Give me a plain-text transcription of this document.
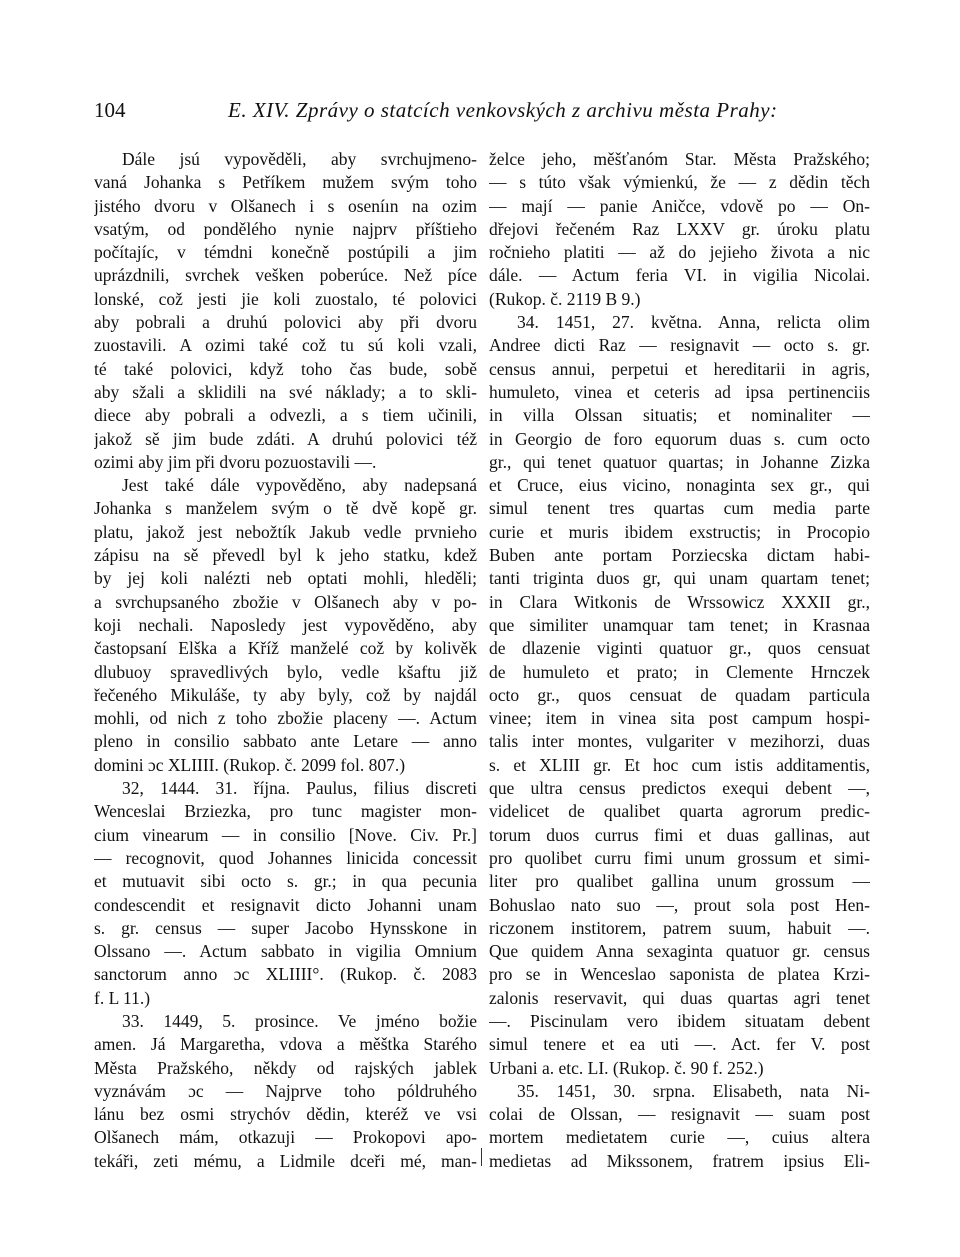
104	E. XIV. Zprávy o statcích venkovských z archivu města Prahy:
Dále jsú vypověděli, aby svrchujmeno-
vaná Johanka s Petříkem mužem svým toho
jistého dvoru v Olšanech i s oseníın na ozim
vsatým, od pondělého nynie najprv příštieho
počítajíc, v témdni konečně postúpili a jim
uprázdnili, svrchek vešken poberúce. Než píce
lonské, což jesti jie koli zuostalo, té polovici
aby pobrali a druhú polovici aby při dvoru
zuostavili. A ozimi také což tu sú koli vzali,
té také polovici, když toho čas bude, sobě
aby sžali a sklidili na své náklady; a to skli-
diece aby pobrali a odvezli, a s tiem učinili,
jakož sě jim bude zdáti. A druhú polovici též
ozimi aby jim při dvoru pozuostavili —.
Jest také dále vypověděno, aby nadepsaná
Johanka s manželem svým o tě dvě kopě gr.
platu, jakož jest nebožtík Jakub vedle prvnieho
zápisu na sě převedl byl k jeho statku, kdež
by jej koli nalézti neb optati mohli, hleděli;
a svrchupsaného zbožie v Olšanech aby v po-
koji nechali. Naposledy jest vypověděno, aby
častopsaní Elška a Kříž manželé což by kolivěk
dlubuoy spravedlivých bylo, vedle kšaftu již
řečeného Mikuláše, ty aby byly, což by najdál
mohli, od nich z toho zbožie placeny —. Actum
pleno in consilio sabbato ante Letare — anno
domini ɔc XLIIII. (Rukop. č. 2099 fol. 807.)
32, 1444. 31. října. Paulus, filius discreti
Wenceslai Brziezka, pro tunc magister mon-
cium vinearum — in consilio [Nove. Civ. Pr.]
— recognovit, quod Johannes linicida concessit
et mutuavit sibi octo s. gr.; in qua pecunia
condescendit et resignavit dicto Johanni unam
s. gr. census — super Jacobo Hynsskone in
Olssano —. Actum sabbato in vigilia Omnium
sanctorum anno ɔc XLIIII°. (Rukop. č. 2083
f. L 11.)
33. 1449, 5. prosince. Ve jméno božie
amen. Já Margaretha, vdova a měštka Starého
Města Pražského, někdy od rajských jablek
vyznávám ɔc — Najprve toho póldruhého
lánu bez osmi strychóv dědin, kteréž ve vsi
Olšanech mám, otkazuji — Prokopovi apo-
tekáři, zeti mému, a Lidmile dceři mé, man-
želce jeho, měšťanóm Star. Města Pražského;
— s túto však výmienkú, že — z dědin těch
— mají — panie Aničce, vdově po — On-
dřejovi řečeném Raz LXXV gr. úroku platu
ročnieho platiti — až do jejieho života a nic
dále. — Actum feria VI. in vigilia Nicolai.
(Rukop. č. 2119 B 9.)
34. 1451, 27. května. Anna, relicta olim
Andree dicti Raz — resignavit — octo s. gr.
census annui, perpetui et hereditarii in agris,
humuleto, vinea et ceteris ad ipsa pertinenciis
in villa Olssan situatis; et nominaliter —
in Georgio de foro equorum duas s. cum octo
gr., qui tenet quatuor quartas; in Johanne Zizka
et Cruce, eius vicino, nonaginta sex gr., qui
simul tenent tres quartas cum media parte
curie et muris ibidem exstructis; in Procopio
Buben ante portam Porziecska dictam habi-
tanti triginta duos gr, qui unam quartam tenet;
in Clara Witkonis de Wrssowicz XXXII gr.,
que similiter unamquar tam tenet; in Krasnaa
de dlazenie viginti quatuor gr., quos censuat
de humuleto et prato; in Clemente Hrnczek
octo gr., quos censuat de quadam particula
vinee; item in vinea sita post campum hospi-
talis inter montes, vulgariter v mezihorzi, duas
s. et XLIII gr. Et hoc cum istis additamentis,
que ultra census predictos exequi debent —,
videlicet de qualibet quarta agrorum predic-
torum duos currus fimi et duas gallinas, aut
pro quolibet curru fimi unum grossum et simi-
liter pro qualibet gallina unum grossum —
Bohuslao nato suo —, prout sola post Hen-
riczonem institorem, patrem suum, habuit —.
Que quidem Anna sexaginta quatuor gr. census
pro se in Wenceslao saponista de platea Krzi-
zalonis reservavit, qui duas quartas agri tenet
—. Piscinulam vero ibidem situatam debent
simul tenere et ea uti —. Act. fer V. post
Urbani a. etc. LI. (Rukop. č. 90 f. 252.)
35. 1451, 30. srpna. Elisabeth, nata Ni-
colai de Olssan, — resignavit — suam post
mortem medietatem curie —, cuius altera
medietas ad Mikssonem, fratrem ipsius Eli-
